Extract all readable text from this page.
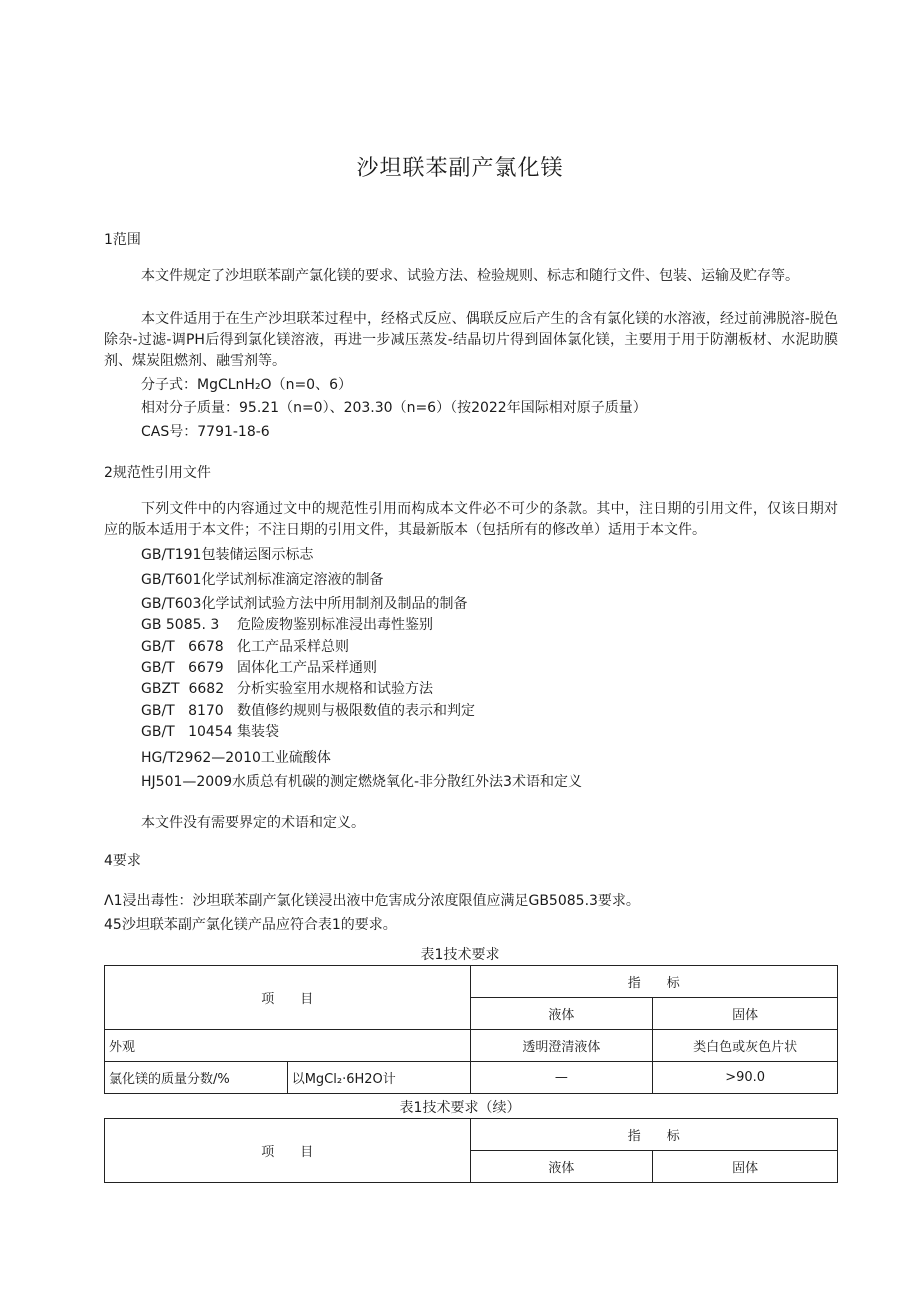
沙坦联苯副产氯化镁
1范围
本文件规定了沙坦联苯副产氯化镁的要求、试验方法、检验规则、标志和随行文件、包装、运输及贮存等。
本文件适用于在生产沙坦联苯过程中，经格式反应、偶联反应后产生的含有氯化镁的水溶液，经过前沸脱溶-脱色除杂-过滤-调PH后得到氯化镁溶液，再进一步减压蒸发-结晶切片得到固体氯化镁，主要用于用于防潮板材、水泥助膜剂、煤炭阻燃剂、融雪剂等。
分子式：MgCLnH₂O（n=0、6）
相对分子质量：95.21（n=0）、203.30（n=6）（按2022年国际相对原子质量）
CAS号：7791-18-6
2规范性引用文件
下列文件中的内容通过文中的规范性引用而构成本文件必不可少的条款。其中，注日期的引用文件，仅该日期对应的版本适用于本文件；不注日期的引用文件，其最新版本（包括所有的修改单）适用于本文件。
GB/T191包装储运图示标志
GB/T601化学试剂标准滴定溶液的制备
GB/T603化学试剂试验方法中所用制剂及制品的制备
GB 5085. 3 危险废物鉴别标准浸出毒性鉴别
GB/T   6678 化工产品采样总则
GB/T   6679 固体化工产品采样通则
GBZT  6682 分析实验室用水规格和试验方法
GB/T   8170 数值修约规则与极限数值的表示和判定
GB/T   10454 集装袋
HG/T2962—2010工业硫酸体
HJ501—2009水质总有机碳的测定燃烧氧化-非分散红外法3术语和定义
本文件没有需要界定的术语和定义。
4要求
Λ1浸出毒性：沙坦联苯副产氯化镁浸出液中危害成分浓度限值应满足GB5085.3要求。
45沙坦联苯副产氯化镁产品应符合表1的要求。
表1技术要求
项　　目		指　　标	
		液体	固体
外观		透明澄清液体	类白色或灰色片状
氯化镁的质量分数/%	以MgCl₂·6H2O计	—	>90.0
表1技术要求（续）
项　　目	指　　标	
	液体	固体
